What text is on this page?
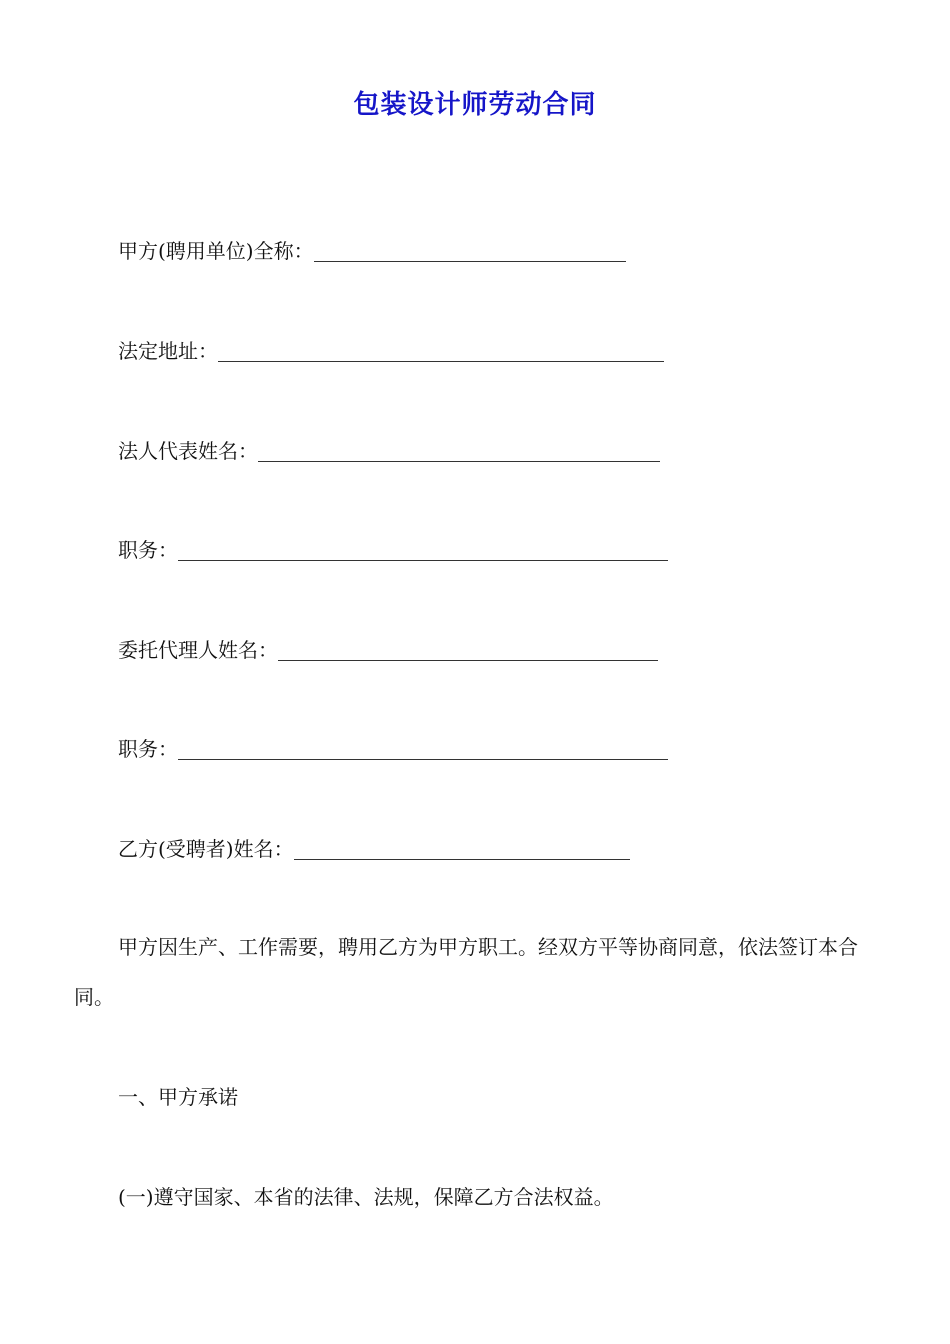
包装设计师劳动合同
甲方(聘用单位)全称：
法定地址：
法人代表姓名：
职务：
委托代理人姓名：
职务：
乙方(受聘者)姓名：
甲方因生产、工作需要，聘用乙方为甲方职工。经双方平等协商同意，依法签订本合同。
一、甲方承诺
(一)遵守国家、本省的法律、法规，保障乙方合法权益。
